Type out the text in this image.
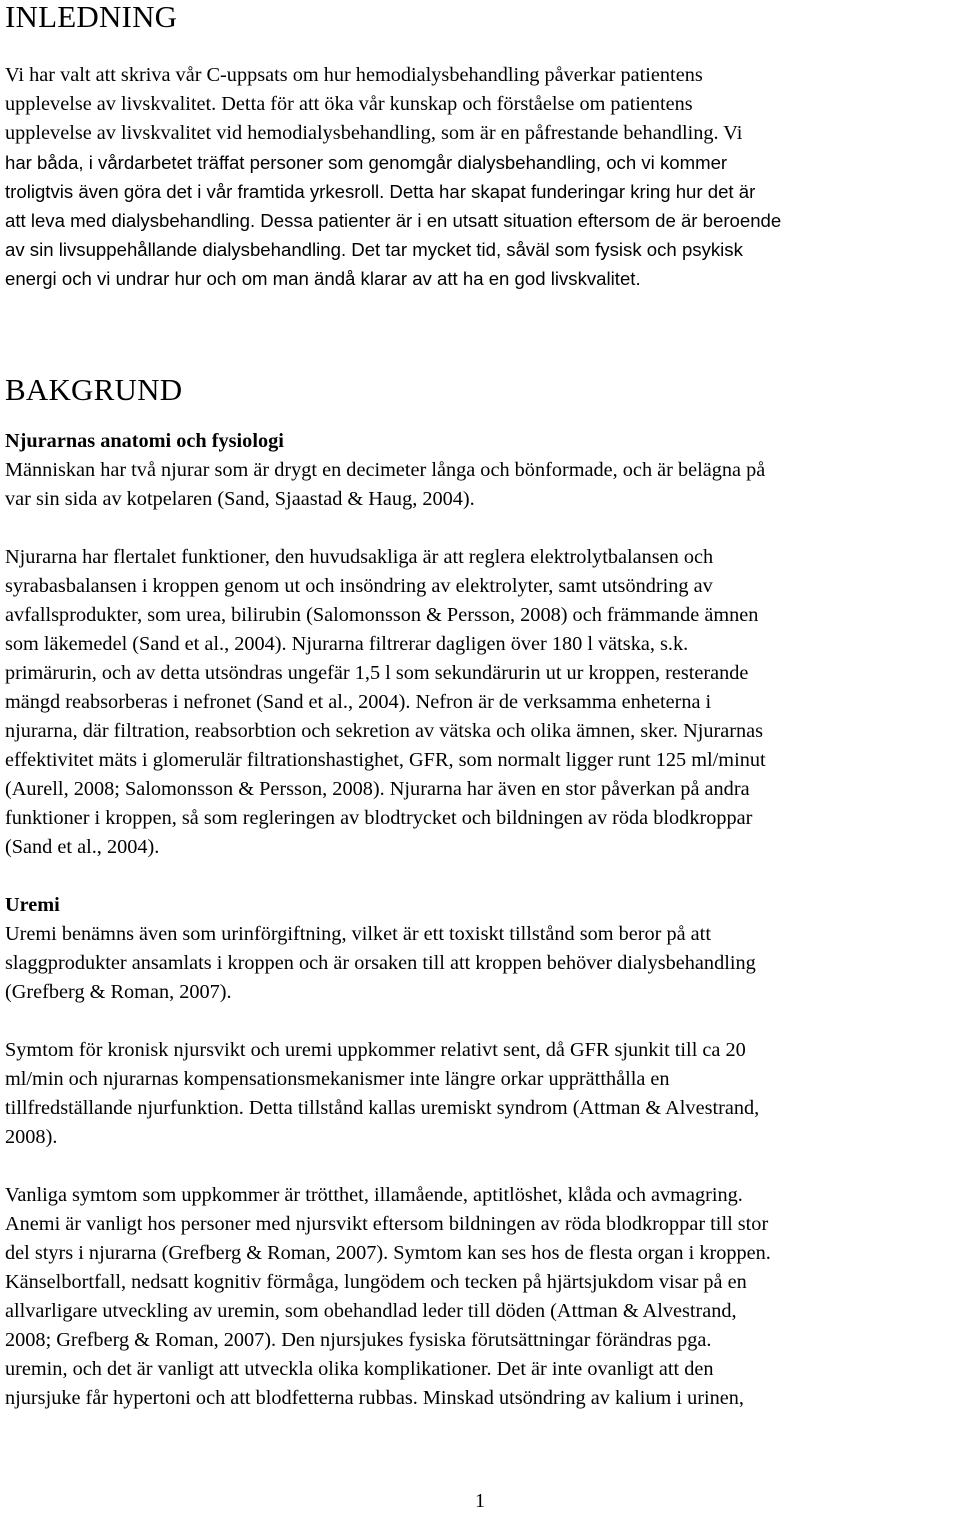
INLEDNING
Vi har valt att skriva vår C-uppsats om hur hemodialysbehandling påverkar patientens
upplevelse av livskvalitet. Detta för att öka vår kunskap och förståelse om patientens
upplevelse av livskvalitet vid hemodialysbehandling, som är en påfrestande behandling. Vi
har båda, i vårdarbetet träffat personer som genomgår dialysbehandling, och vi kommer
troligtvis även göra det i vår framtida yrkesroll. Detta har skapat funderingar kring hur det är
att leva med dialysbehandling. Dessa patienter är i en utsatt situation eftersom de är beroende
av sin livsuppehållande dialysbehandling. Det tar mycket tid, såväl som fysisk och psykisk
energi och vi undrar hur och om man ändå klarar av att ha en god livskvalitet.
BAKGRUND
Njurarnas anatomi och fysiologi
Människan har två njurar som är drygt en decimeter långa och bönformade, och är belägna på
var sin sida av kotpelaren (Sand, Sjaastad & Haug, 2004).
Njurarna har flertalet funktioner, den huvudsakliga är att reglera elektrolytbalansen och
syrabasbalansen i kroppen genom ut och insöndring av elektrolyter, samt utsöndring av
avfallsprodukter, som urea, bilirubin (Salomonsson & Persson, 2008) och främmande ämnen
som läkemedel (Sand et al., 2004). Njurarna filtrerar dagligen över 180 l vätska, s.k.
primärurin, och av detta utsöndras ungefär 1,5 l som sekundärurin ut ur kroppen, resterande
mängd reabsorberas i nefronet (Sand et al., 2004). Nefron är de verksamma enheterna i
njurarna, där filtration, reabsorbtion och sekretion av vätska och olika ämnen, sker. Njurarnas
effektivitet mäts i glomerulär filtrationshastighet, GFR, som normalt ligger runt 125 ml/minut
(Aurell, 2008; Salomonsson & Persson, 2008). Njurarna har även en stor påverkan på andra
funktioner i kroppen, så som regleringen av blodtrycket och bildningen av röda blodkroppar
(Sand et al., 2004).
Uremi
Uremi benämns även som urinförgiftning, vilket är ett toxiskt tillstånd som beror på att
slaggprodukter ansamlats i kroppen och är orsaken till att kroppen behöver dialysbehandling
(Grefberg & Roman, 2007).
Symtom för kronisk njursvikt och uremi uppkommer relativt sent, då GFR sjunkit till ca 20
ml/min och njurarnas kompensationsmekanismer inte längre orkar upprätthålla en
tillfredställande njurfunktion. Detta tillstånd kallas uremiskt syndrom (Attman & Alvestrand,
2008).
Vanliga symtom som uppkommer är trötthet, illamående, aptitlöshet, klåda och avmagring.
Anemi är vanligt hos personer med njursvikt eftersom bildningen av röda blodkroppar till stor
del styrs i njurarna (Grefberg & Roman, 2007). Symtom kan ses hos de flesta organ i kroppen.
Känselbortfall, nedsatt kognitiv förmåga, lungödem och tecken på hjärtsjukdom visar på en
allvarligare utveckling av uremin, som obehandlad leder till döden (Attman & Alvestrand,
2008; Grefberg & Roman, 2007). Den njursjukes fysiska förutsättningar förändras pga.
uremin, och det är vanligt att utveckla olika komplikationer. Det är inte ovanligt att den
njursjuke får hypertoni och att blodfetterna rubbas. Minskad utsöndring av kalium i urinen,
1
